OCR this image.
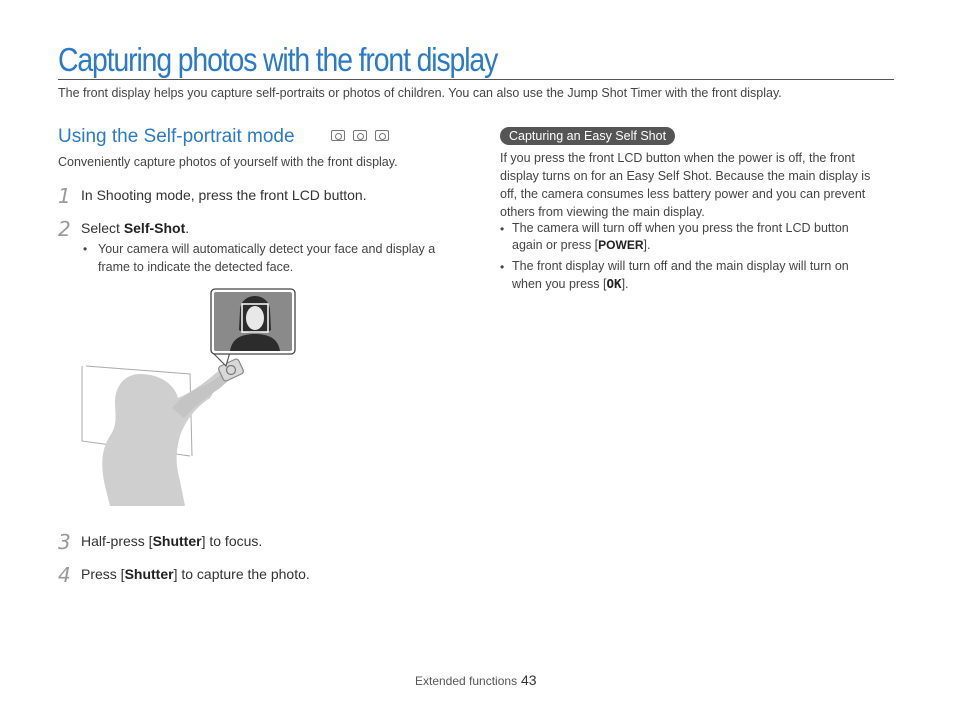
Capturing photos with the front display
The front display helps you capture self-portraits or photos of children. You can also use the Jump Shot Timer with the front display.
Using the Self-portrait mode
Conveniently capture photos of yourself with the front display.
1 In Shooting mode, press the front LCD button.
2 Select Self-Shot.
• Your camera will automatically detect your face and display a
frame to indicate the detected face.
3 Half-press [Shutter] to focus.
4 Press [Shutter] to capture the photo.
Capturing an Easy Self Shot
If you press the front LCD button when the power is off, the front display turns on for an Easy Self Shot. Because the main display is off, the camera consumes less battery power and you can prevent others from viewing the main display.
• The camera will turn off when you press the front LCD button
again or press [POWER].
• The front display will turn off and the main display will turn on
when you press [OK].
Extended functions 43
